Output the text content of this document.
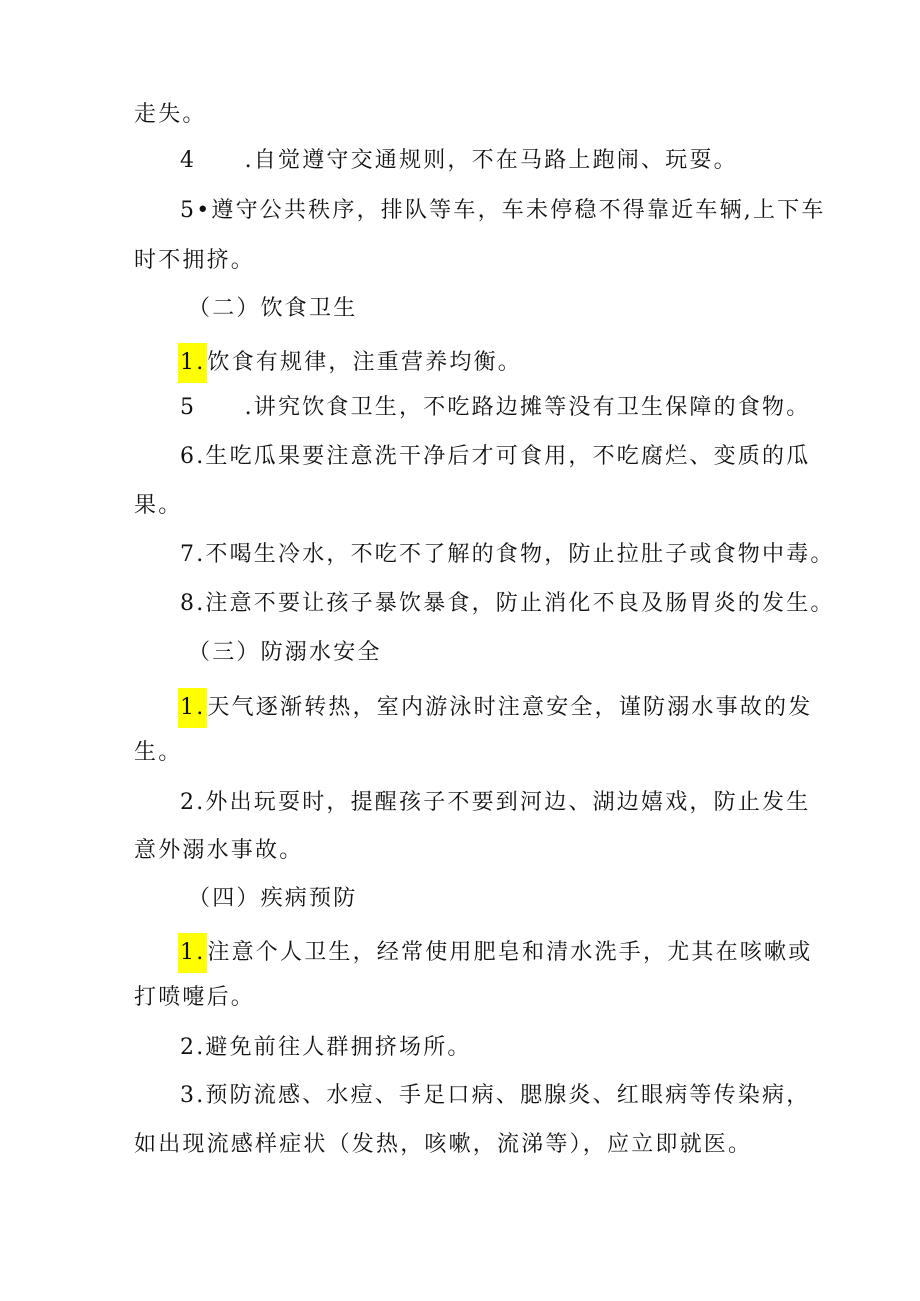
走失。
4　　.自觉遵守交通规则，不在马路上跑闹、玩耍。
5•遵守公共秩序，排队等车，车未停稳不得靠近车辆,上下车
时不拥挤。
（二）饮食卫生
1.饮食有规律，注重营养均衡。
5　　.讲究饮食卫生，不吃路边摊等没有卫生保障的食物。
6.生吃瓜果要注意洗干净后才可食用，不吃腐烂、变质的瓜
果。
7.不喝生冷水，不吃不了解的食物，防止拉肚子或食物中毒。
8.注意不要让孩子暴饮暴食，防止消化不良及肠胃炎的发生。
（三）防溺水安全
1.天气逐渐转热，室内游泳时注意安全，谨防溺水事故的发
生。
2.外出玩耍时，提醒孩子不要到河边、湖边嬉戏，防止发生
意外溺水事故。
（四）疾病预防
1.注意个人卫生，经常使用肥皂和清水洗手，尤其在咳嗽或
打喷嚏后。
2.避免前往人群拥挤场所。
3.预防流感、水痘、手足口病、腮腺炎、红眼病等传染病，
如出现流感样症状（发热，咳嗽，流涕等），应立即就医。
